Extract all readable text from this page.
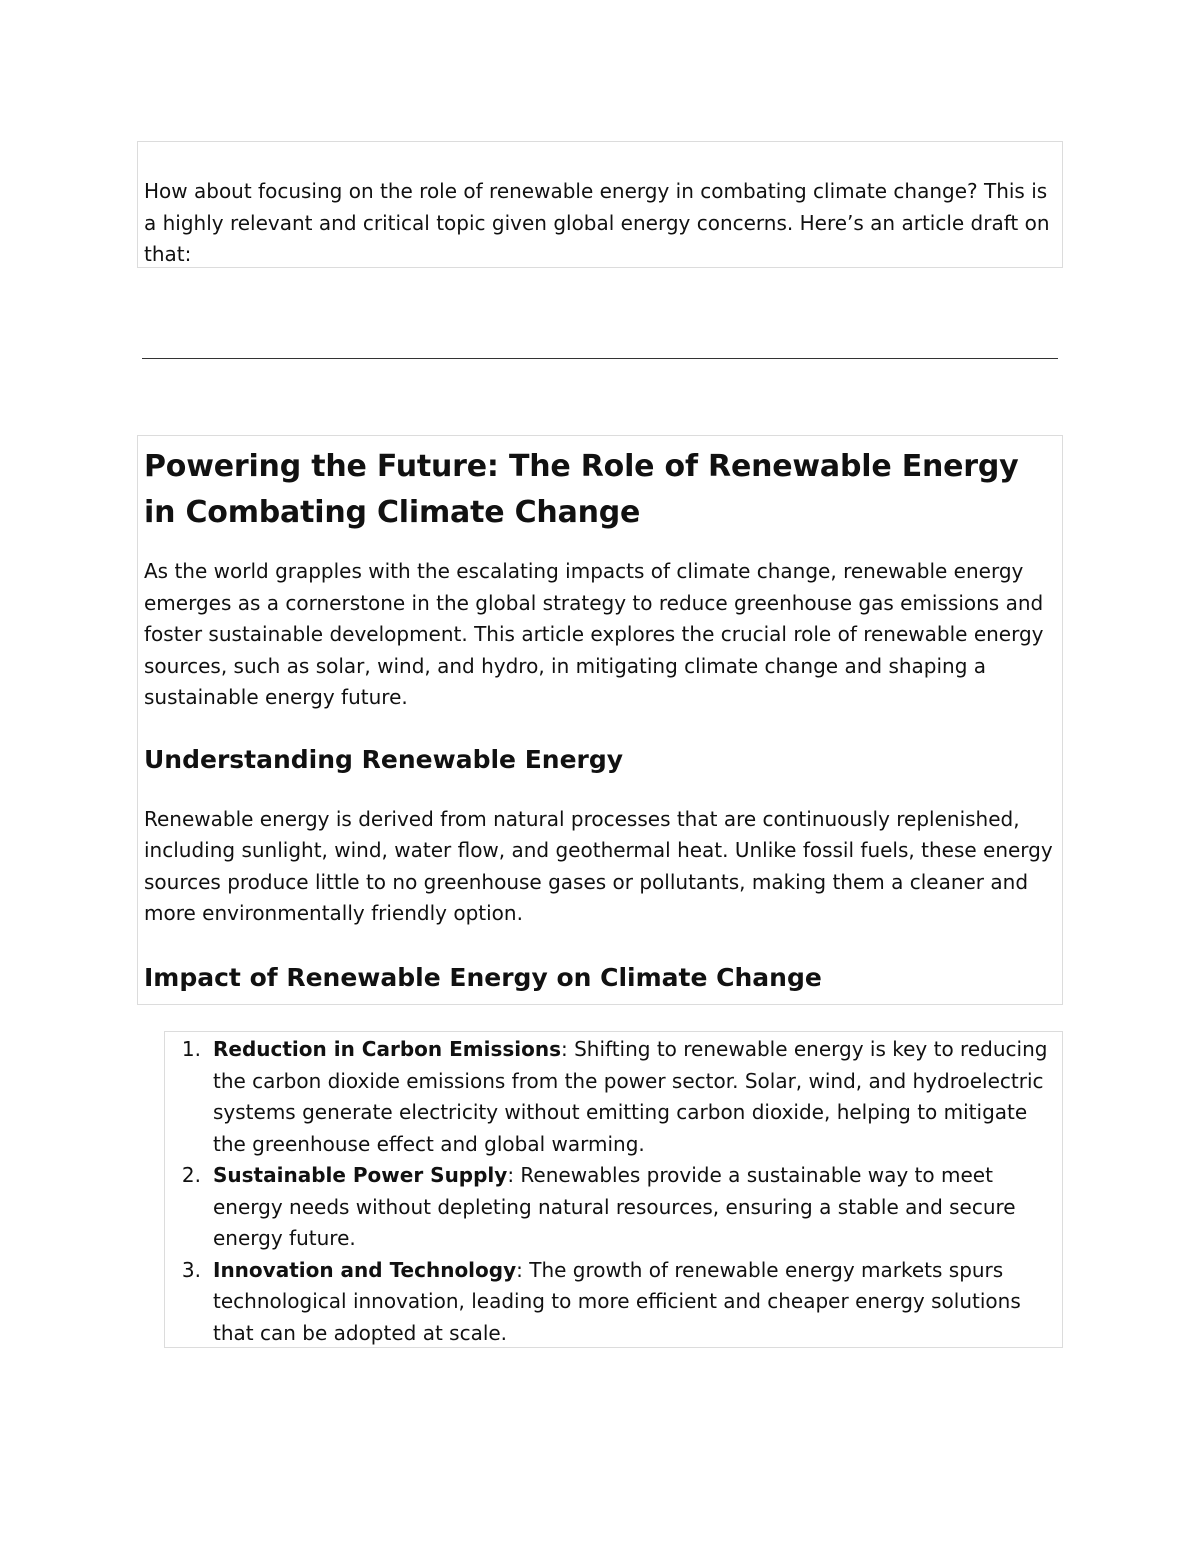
How about focusing on the role of renewable energy in combating climate change? This is a highly relevant and critical topic given global energy concerns. Here’s an article draft on that:

Powering the Future: The Role of Renewable Energy in Combating Climate Change

As the world grapples with the escalating impacts of climate change, renewable energy emerges as a cornerstone in the global strategy to reduce greenhouse gas emissions and foster sustainable development. This article explores the crucial role of renewable energy sources, such as solar, wind, and hydro, in mitigating climate change and shaping a sustainable energy future.

Understanding Renewable Energy

Renewable energy is derived from natural processes that are continuously replenished, including sunlight, wind, water flow, and geothermal heat. Unlike fossil fuels, these energy sources produce little to no greenhouse gases or pollutants, making them a cleaner and more environmentally friendly option.

Impact of Renewable Energy on Climate Change
1. Reduction in Carbon Emissions: Shifting to renewable energy is key to reducing the carbon dioxide emissions from the power sector. Solar, wind, and hydroelectric systems generate electricity without emitting carbon dioxide, helping to mitigate the greenhouse effect and global warming.
2. Sustainable Power Supply: Renewables provide a sustainable way to meet energy needs without depleting natural resources, ensuring a stable and secure energy future.
3. Innovation and Technology: The growth of renewable energy markets spurs technological innovation, leading to more efficient and cheaper energy solutions that can be adopted at scale.
